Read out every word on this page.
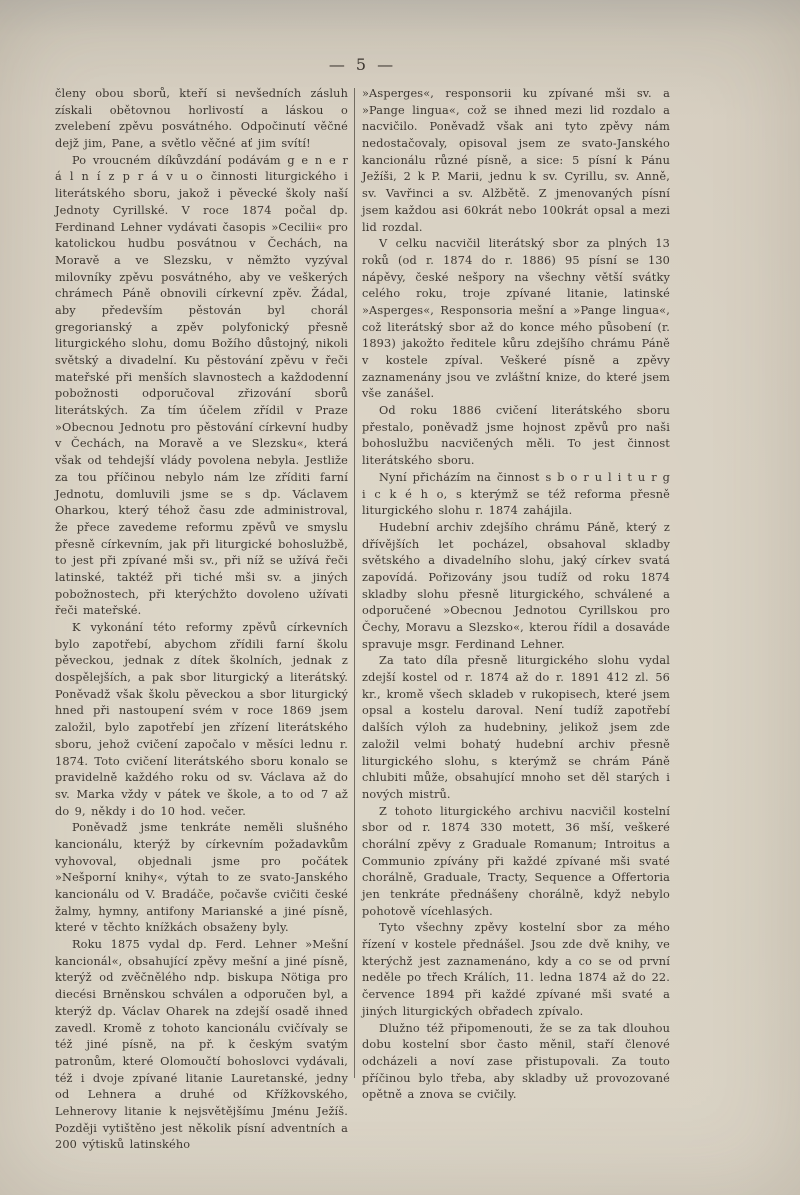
— 5 —

členy obou sborů, kteří si nevšedních zásluh získali obětovnou horlivostí a láskou o zvelebení zpěvu posvátného. Odpočinutí věčné dejž jim, Pane, a světlo věčné ať jim svítí!

Po vroucném díkůvzdání podávám g e n e r á l n í z p r á v u o činnosti liturgického i literátského sboru, jakož i pěvecké školy naší Jednoty Cyrillské. V roce 1874 počal dp. Ferdinand Lehner vydávati časopis »Cecilii« pro katolickou hudbu posvátnou v Čechách, na Moravě a ve Slezsku, v němžto vyzýval milovníky zpěvu posvátného, aby ve veškerých chrámech Páně obnovili církevní zpěv. Žádal, aby především pěstován byl chorál gregorianský a zpěv polyfonický přesně liturgického slohu, domu Božího důstojný, nikoli světský a divadelní. Ku pěstování zpěvu v řeči mateřské při menších slavnostech a každodenní pobožnosti odporučoval zřizování sborů literátských. Za tím účelem zřídil v Praze »Obecnou Jednotu pro pěstování církevní hudby v Čechách, na Moravě a ve Slezsku«, která však od tehdejší vlády povolena nebyla. Jestliže za tou příčinou nebylo nám lze zříditi farní Jednotu, domluvili jsme se s dp. Václavem Oharkou, který téhož času zde administroval, že přece zavedeme reformu zpěvů ve smyslu přesně církevním, jak při liturgické bohoslužbě, to jest při zpívané mši sv., při níž se užívá řeči latinské, taktéž při tiché mši sv. a jiných pobožnostech, při kterýchžto dovoleno užívati řeči mateřské.

K vykonání této reformy zpěvů církevních bylo zapotřebí, abychom zřídili farní školu pěveckou, jednak z dítek školních, jednak z dospělejších, a pak sbor liturgický a literátský. Poněvadž však školu pěveckou a sbor liturgický hned při nastoupení svém v roce 1869 jsem založil, bylo zapotřebí jen zřízení literátského sboru, jehož cvičení započalo v měsíci lednu r. 1874. Toto cvičení literátského sboru konalo se pravidelně každého roku od sv. Václava až do sv. Marka vždy v pátek ve škole, a to od 7 až do 9, někdy i do 10 hod. večer.

Poněvadž jsme tenkráte neměli slušného kancionálu, kterýž by církevním požadavkům vyhovoval, objednali jsme pro počátek »Nešporní knihy«, výtah to ze svato-Janského kancionálu od V. Bradáče, počavše cvičiti české žalmy, hymny, antifony Marianské a jiné písně, které v těchto knížkách obsaženy byly.

Roku 1875 vydal dp. Ferd. Lehner »Mešní kancionál«, obsahující zpěvy mešní a jiné písně, kterýž od zvěčnělého ndp. biskupa Nötiga pro diecési Brněnskou schválen a odporučen byl, a kterýž dp. Václav Oharek na zdejší osadě ihned zavedl. Kromě z tohoto kancionálu cvičívaly se též jiné písně, na př. k českým svatým patronům, které Olomoučtí bohoslovci vydávali, též i dvoje zpívané litanie Lauretanské, jedny od Lehnera a druhé od Křížkovského, Lehnerovy litanie k nejsvětějšímu Jménu Ježíš. Později vytištěno jest několik písní adventních a 200 výtisků latinského

»Asperges«, responsorii ku zpívané mši sv. a »Pange lingua«, což se ihned mezi lid rozdalo a nacvičilo. Poněvadž však ani tyto zpěvy nám nedostačovaly, opisoval jsem ze svato-Janského kancionálu různé písně, a sice: 5 písní k Pánu Ježíši, 2 k P. Marii, jednu k sv. Cyrillu, sv. Anně, sv. Vavřinci a sv. Alžbětě. Z jmenovaných písní jsem každou asi 60krát nebo 100krát opsal a mezi lid rozdal.

V celku nacvičil literátský sbor za plných 13 roků (od r. 1874 do r. 1886) 95 písní se 130 nápěvy, české nešpory na všechny větší svátky celého roku, troje zpívané litanie, latinské »Asperges«, Responsoria mešní a »Pange lingua«, což literátský sbor až do konce mého působení (r. 1893) jakožto ředitele kůru zdejšího chrámu Páně v kostele zpíval. Veškeré písně a zpěvy zaznamenány jsou ve zvláštní knize, do které jsem vše zanášel.

Od roku 1886 cvičení literátského sboru přestalo, poněvadž jsme hojnost zpěvů pro naši bohoslužbu nacvičených měli. To jest činnost literátského sboru.

Nyní přicházím na činnost s b o r u l i t u r g i c k é h o, s kterýmž se též reforma přesně liturgického slohu r. 1874 zahájila.

Hudební archiv zdejšího chrámu Páně, který z dřívějších let pocházel, obsahoval skladby světského a divadelního slohu, jaký církev svatá zapovídá. Pořizovány jsou tudíž od roku 1874 skladby slohu přesně liturgického, schválené a odporučené »Obecnou Jednotou Cyrillskou pro Čechy, Moravu a Slezsko«, kterou řídil a dosaváde spravuje msgr. Ferdinand Lehner.

Za tato díla přesně liturgického slohu vydal zdejší kostel od r. 1874 až do r. 1891 412 zl. 56 kr., kromě všech skladeb v rukopisech, které jsem opsal a kostelu daroval. Není tudíž zapotřebí dalších výloh za hudebniny, jelikož jsem zde založil velmi bohatý hudební archiv přesně liturgického slohu, s kterýmž se chrám Páně chlubiti může, obsahující mnoho set děl starých i nových mistrů.

Z tohoto liturgického archivu nacvičil kostelní sbor od r. 1874 330 motett, 36 mší, veškeré chorální zpěvy z Graduale Romanum; Introitus a Communio zpívány při každé zpívané mši svaté chorálně, Graduale, Tracty, Sequence a Offertoria jen tenkráte přednášeny chorálně, když nebylo pohotově vícehlasých.

Tyto všechny zpěvy kostelní sbor za mého řízení v kostele přednášel. Jsou zde dvě knihy, ve kterýchž jest zaznamenáno, kdy a co se od první neděle po třech Králích, 11. ledna 1874 až do 22. července 1894 při každé zpívané mši svaté a jiných liturgických obřadech zpívalo.

Dlužno též připomenouti, že se za tak dlouhou dobu kostelní sbor často měnil, staří členové odcházeli a noví zase přistupovali. Za touto příčinou bylo třeba, aby skladby už provozované opětně a znova se cvičily.
